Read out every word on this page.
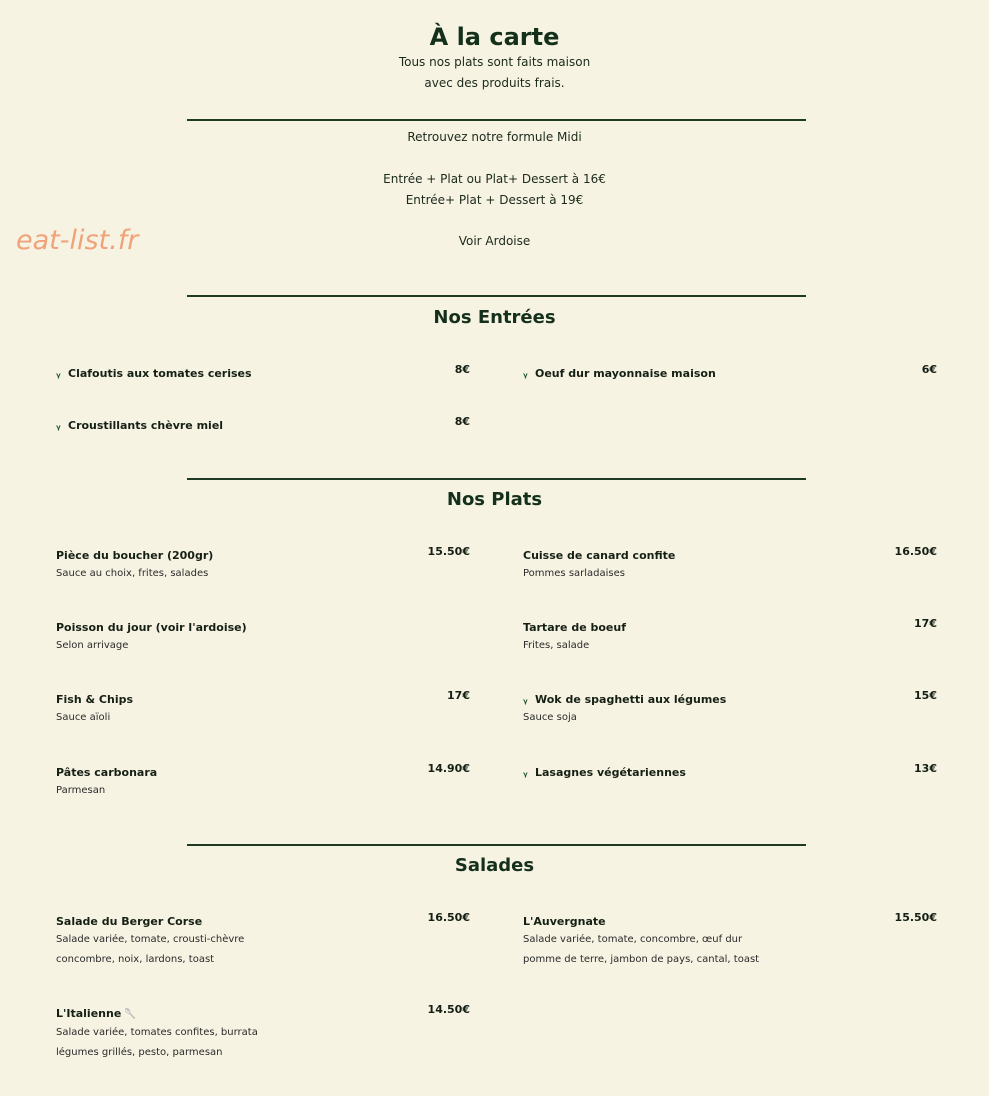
À la carte
Tous nos plats sont faits maison
avec des produits frais.
Retrouvez notre formule Midi
Entrée + Plat ou Plat+ Dessert à 16€
Entrée+ Plat + Dessert à 19€
Voir Ardoise
eat-list.fr
Nos Entrées
ᵧ Clafoutis aux tomates cerises	8€	ᵧ Oeuf dur mayonnaise maison	6€
ᵧ Croustillants chèvre miel	8€
Nos Plats
Pièce du boucher (200gr)	15.50€
Sauce au choix, frites, salades
Cuisse de canard confite	16.50€
Pommes sarladaises
Poisson du jour (voir l'ardoise)
Selon arrivage
Tartare de boeuf	17€
Frites, salade
Fish & Chips	17€
Sauce aïoli
ᵧ Wok de spaghetti aux légumes	15€
Sauce soja
Pâtes carbonara	14.90€
Parmesan
ᵧ Lasagnes végétariennes	13€
Salades
Salade du Berger Corse	16.50€
Salade variée, tomate, crousti-chèvre
concombre, noix, lardons, toast
L'Auvergnate	15.50€
Salade variée, tomate, concombre, œuf dur
pomme de terre, jambon de pays, cantal, toast
L'Italienne 🥄	14.50€
Salade variée, tomates confites, burrata
légumes grillés, pesto, parmesan
